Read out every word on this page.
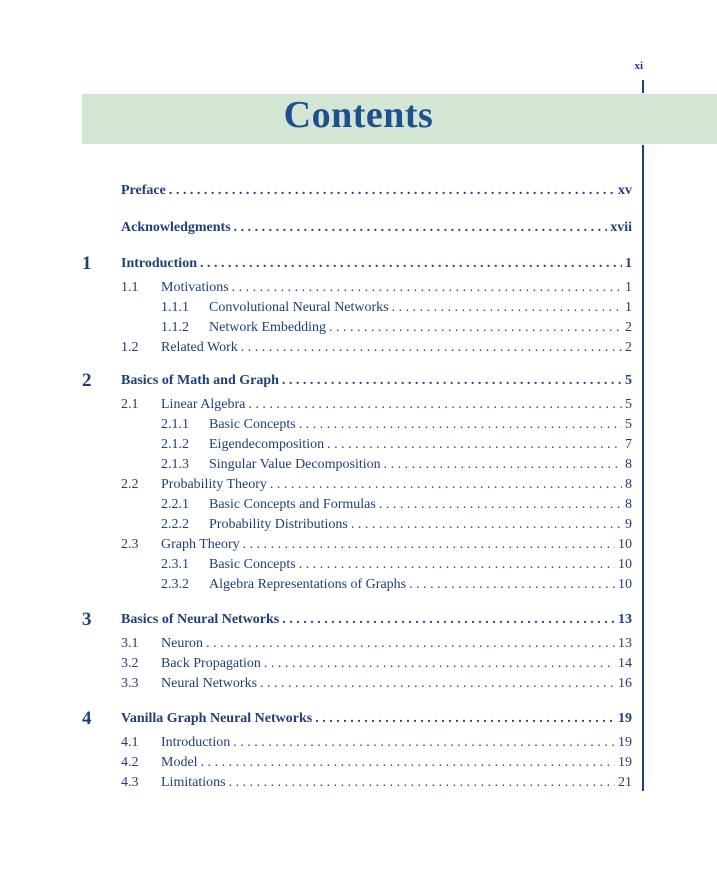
xi
Contents
Preface . . .	xv
Acknowledgments . . .	xvii
1 Introduction . . .	1
1.1	Motivations . . .	1
1.1.1	Convolutional Neural Networks . . .	1
1.1.2	Network Embedding . . .	2
1.2	Related Work . . .	2
2 Basics of Math and Graph . . .	5
2.1	Linear Algebra . . .	5
2.1.1	Basic Concepts . . .	5
2.1.2	Eigendecomposition . . .	7
2.1.3	Singular Value Decomposition . . .	8
2.2	Probability Theory . . .	8
2.2.1	Basic Concepts and Formulas . . .	8
2.2.2	Probability Distributions . . .	9
2.3	Graph Theory . . .	10
2.3.1	Basic Concepts . . .	10
2.3.2	Algebra Representations of Graphs . . .	10
3 Basics of Neural Networks . . .	13
3.1	Neuron . . .	13
3.2	Back Propagation . . .	14
3.3	Neural Networks . . .	16
4 Vanilla Graph Neural Networks . . .	19
4.1	Introduction . . .	19
4.2	Model . . .	19
4.3	Limitations . . .	21
